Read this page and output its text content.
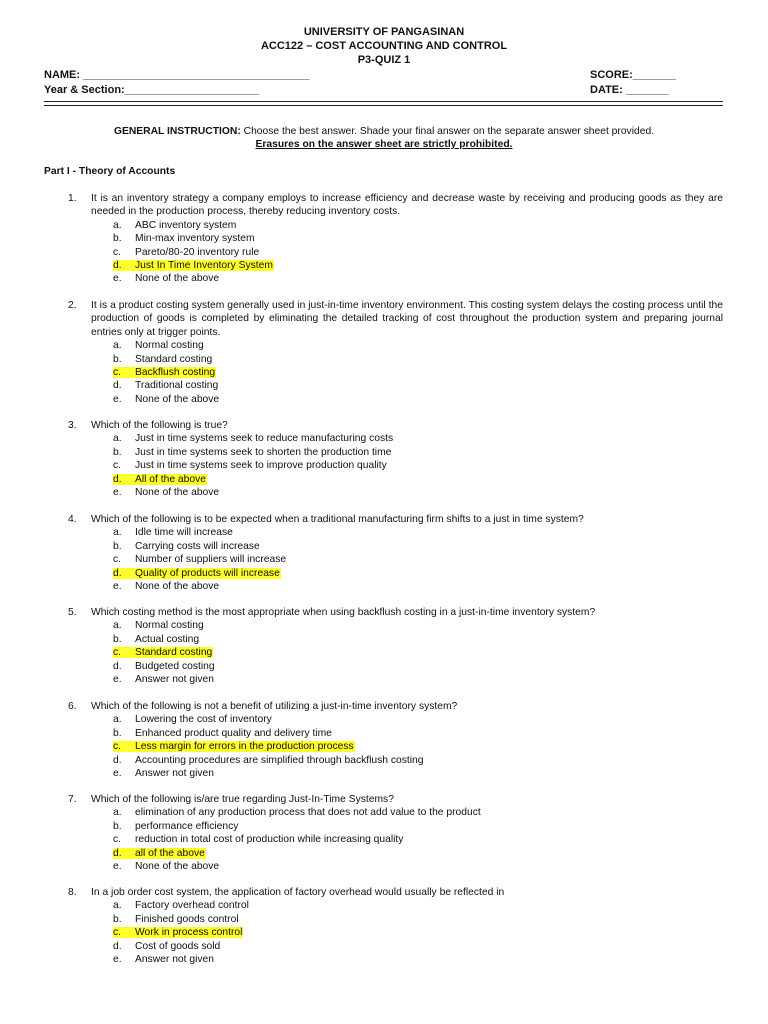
UNIVERSITY OF PANGASINAN
ACC122 – COST ACCOUNTING AND CONTROL
P3-QUIZ 1
NAME: _____________________________________	SCORE:_______
Year & Section:______________________	DATE: _______
GENERAL INSTRUCTION: Choose the best answer. Shade your final answer on the separate answer sheet provided.
Erasures on the answer sheet are strictly prohibited.
Part I - Theory of Accounts
1. It is an inventory strategy a company employs to increase efficiency and decrease waste by receiving and producing goods as they are needed in the production process, thereby reducing inventory costs.
a. ABC inventory system
b. Min-max inventory system
c. Pareto/80-20 inventory rule
d. Just In Time Inventory System
e. None of the above
2. It is a product costing system generally used in just-in-time inventory environment. This costing system delays the costing process until the production of goods is completed by eliminating the detailed tracking of cost throughout the production system and preparing journal entries only at trigger points.
a. Normal costing
b. Standard costing
c. Backflush costing
d. Traditional costing
e. None of the above
3. Which of the following is true?
a. Just in time systems seek to reduce manufacturing costs
b. Just in time systems seek to shorten the production time
c. Just in time systems seek to improve production quality
d. All of the above
e. None of the above
4. Which of the following is to be expected when a traditional manufacturing firm shifts to a just in time system?
a. Idle time will increase
b. Carrying costs will increase
c. Number of suppliers will increase
d. Quality of products will increase
e. None of the above
5. Which costing method is the most appropriate when using backflush costing in a just-in-time inventory system?
a. Normal costing
b. Actual costing
c. Standard costing
d. Budgeted costing
e. Answer not given
6. Which of the following is not a benefit of utilizing a just-in-time inventory system?
a. Lowering the cost of inventory
b. Enhanced product quality and delivery time
c. Less margin for errors in the production process
d. Accounting procedures are simplified through backflush costing
e. Answer not given
7. Which of the following is/are true regarding Just-In-Time Systems?
a. elimination of any production process that does not add value to the product
b. performance efficiency
c. reduction in total cost of production while increasing quality
d. all of the above
e. None of the above
8. In a job order cost system, the application of factory overhead would usually be reflected in
a. Factory overhead control
b. Finished goods control
c. Work in process control
d. Cost of goods sold
e. Answer not given
